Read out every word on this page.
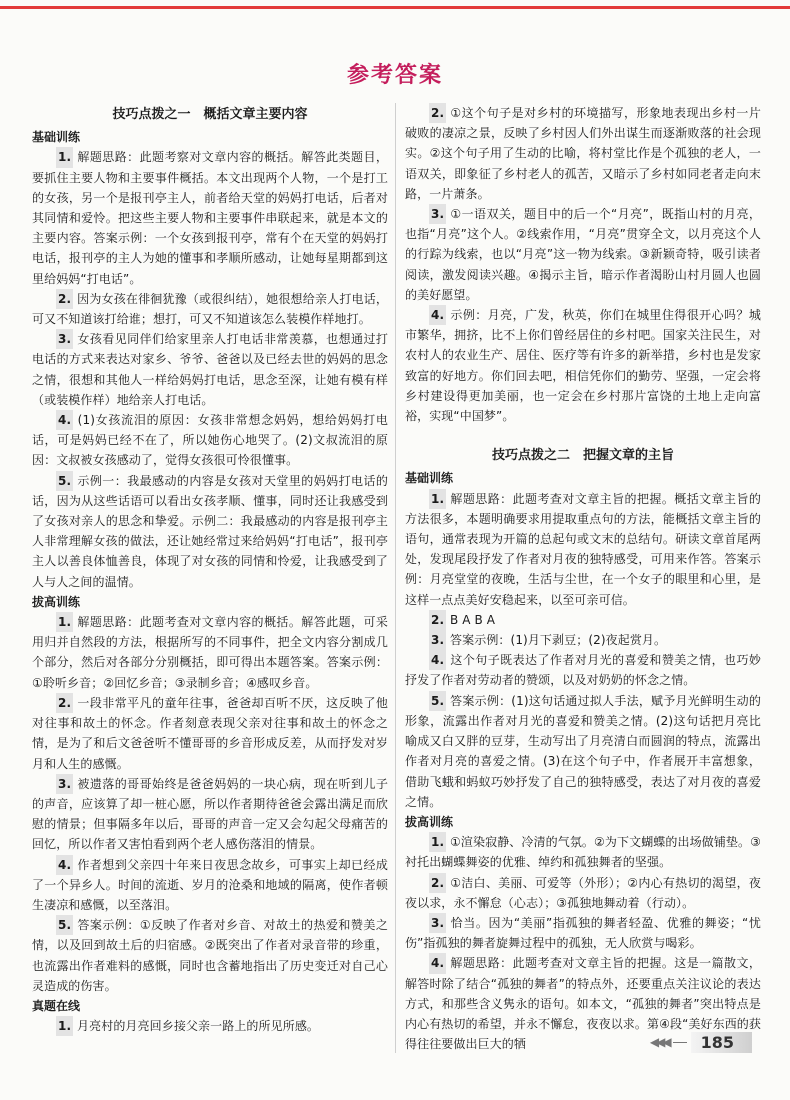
参考答案
技巧点拨之一　概括文章主要内容
基础训练

1. 解题思路：此题考察对文章内容的概括。解答此类题目，要抓住主要人物和主要事件概括。本文出现两个人物，一个是打工的女孩，另一个是报刊亭主人，前者给天堂的妈妈打电话，后者对其同情和爱怜。把这些主要人物和主要事件串联起来，就是本文的主要内容。答案示例：一个女孩到报刊亭，常有个在天堂的妈妈打电话，报刊亭的主人为她的懂事和孝顺所感动，让她每星期都到这里给妈妈“打电话”。

2. 因为女孩在徘徊犹豫（或很纠结），她很想给亲人打电话，可又不知道该打给谁；想打，可又不知道该怎么装模作样地打。

3. 女孩看见同伴们给家里亲人打电话非常羡慕，也想通过打电话的方式来表达对家乡、爷爷、爸爸以及已经去世的妈妈的思念之情，很想和其他人一样给妈妈打电话，思念至深，让她有模有样（或装模作样）地给亲人打电话。

4. (1)女孩流泪的原因：女孩非常想念妈妈，想给妈妈打电话，可是妈妈已经不在了，所以她伤心地哭了。(2)文叔流泪的原因：文叔被女孩感动了，觉得女孩很可怜很懂事。

5. 示例一：我最感动的内容是女孩对天堂里的妈妈打电话的话，因为从这些话语可以看出女孩孝顺、懂事，同时还让我感受到了女孩对亲人的思念和挚爱。示例二：我最感动的内容是报刊亭主人非常理解女孩的做法，还让她经常过来给妈妈“打电话”，报刊亭主人以善良体恤善良，体现了对女孩的同情和怜爱，让我感受到了人与人之间的温情。

拔高训练

1. 解题思路：此题考查对文章内容的概括。解答此题，可采用归并自然段的方法，根据所写的不同事件，把全文内容分割成几个部分，然后对各部分分别概括，即可得出本题答案。答案示例：①聆听乡音；②回忆乡音；③录制乡音；④感叹乡音。

2. 一段非常平凡的童年往事，爸爸却百听不厌，这反映了他对往事和故土的怀念。作者刻意表现父亲对往事和故土的怀念之情，是为了和后文爸爸听不懂哥哥的乡音形成反差，从而抒发对岁月和人生的感慨。

3. 被遗落的哥哥始终是爸爸妈妈的一块心病，现在听到儿子的声音，应该算了却一桩心愿，所以作者期待爸爸会露出满足而欣慰的情景；但事隔多年以后，哥哥的声音一定又会勾起父母痛苦的回忆，所以作者又害怕看到两个老人感伤落泪的情景。

4. 作者想到父亲四十年来日夜思念故乡，可事实上却已经成了一个异乡人。时间的流逝、岁月的沧桑和地域的隔离，使作者顿生凄凉和感慨，以至落泪。

5. 答案示例：①反映了作者对乡音、对故土的热爱和赞美之情，以及回到故土后的归宿感。②既突出了作者对录音带的珍重，也流露出作者难料的感慨，同时也含蓄地指出了历史变迁对自己心灵造成的伤害。

真题在线

1. 月亮村的月亮回乡接父亲一路上的所见所感。

2. ①这个句子是对乡村的环境描写，形象地表现出乡村一片破败的凄凉之景，反映了乡村因人们外出谋生而逐渐败落的社会现实。②这个句子用了生动的比喻，将村堂比作是个孤独的老人，一语双关，即象征了乡村老人的孤苦，又暗示了乡村如同老者走向末路，一片萧条。

3. ①一语双关，题目中的后一个“月亮”，既指山村的月亮，也指“月亮”这个人。②线索作用，“月亮”贯穿全文，以月亮这个人的行踪为线索，也以“月亮”这一物为线索。③新颖奇特，吸引读者阅读，激发阅读兴趣。④揭示主旨，暗示作者渴盼山村月圆人也圆的美好愿望。

4. 示例：月亮，广发，秋英，你们在城里住得很开心吗？城市繁华，拥挤，比不上你们曾经居住的乡村吧。国家关注民生，对农村人的农业生产、居住、医疗等有许多的新举措，乡村也是发家致富的好地方。你们回去吧，相信凭你们的勤劳、坚强，一定会将乡村建设得更加美丽，也一定会在乡村那片富饶的土地上走向富裕，实现“中国梦”。

技巧点拨之二　把握文章的主旨
基础训练

1. 解题思路：此题考查对文章主旨的把握。概括文章主旨的方法很多，本题明确要求用提取重点句的方法，能概括文章主旨的语句，通常表现为开篇的总起句或文末的总结句。研读文章首尾两处，发现尾段抒发了作者对月夜的独特感受，可用来作答。答案示例：月亮堂堂的夜晚，生活与尘世，在一个女子的眼里和心里，是这样一点点美好安稳起来，以至可亲可信。

2. B A B A

3. 答案示例：(1)月下剥豆；(2)夜起赏月。

4. 这个句子既表达了作者对月光的喜爱和赞美之情，也巧妙抒发了作者对劳动者的赞颂，以及对奶奶的怀念之情。

5. 答案示例：(1)这句话通过拟人手法，赋予月光鲜明生动的形象，流露出作者对月光的喜爱和赞美之情。(2)这句话把月亮比喻成又白又胖的豆芽，生动写出了月亮清白而圆润的特点，流露出作者对月亮的喜爱之情。(3)在这个句子中，作者展开丰富想象，借助飞蛾和蚂蚁巧妙抒发了自己的独特感受，表达了对月夜的喜爱之情。

拔高训练

1. ①渲染寂静、冷清的气氛。②为下文蝴蝶的出场做铺垫。③衬托出蝴蝶舞姿的优雅、绰约和孤独舞者的坚强。

2. ①洁白、美丽、可爱等（外形）；②内心有热切的渴望，夜夜以求，永不懈怠（心志）；③孤独地舞动着（行动）。

3. 恰当。因为“美丽”指孤独的舞者轻盈、优雅的舞姿；“忧伤”指孤独的舞者旋舞过程中的孤独，无人欣赏与喝彩。

4. 解题思路：此题考查对文章主旨的把握。这是一篇散文，解答时除了结合“孤独的舞者”的特点外，还要重点关注议论的表达方式，和那些含义隽永的语句。如本文，“孤独的舞者”突出特点是内心有热切的希望，并永不懈怠，夜夜以求。第④段“美好东西的获得往往要做出巨大的牺	◀◀◀	185
